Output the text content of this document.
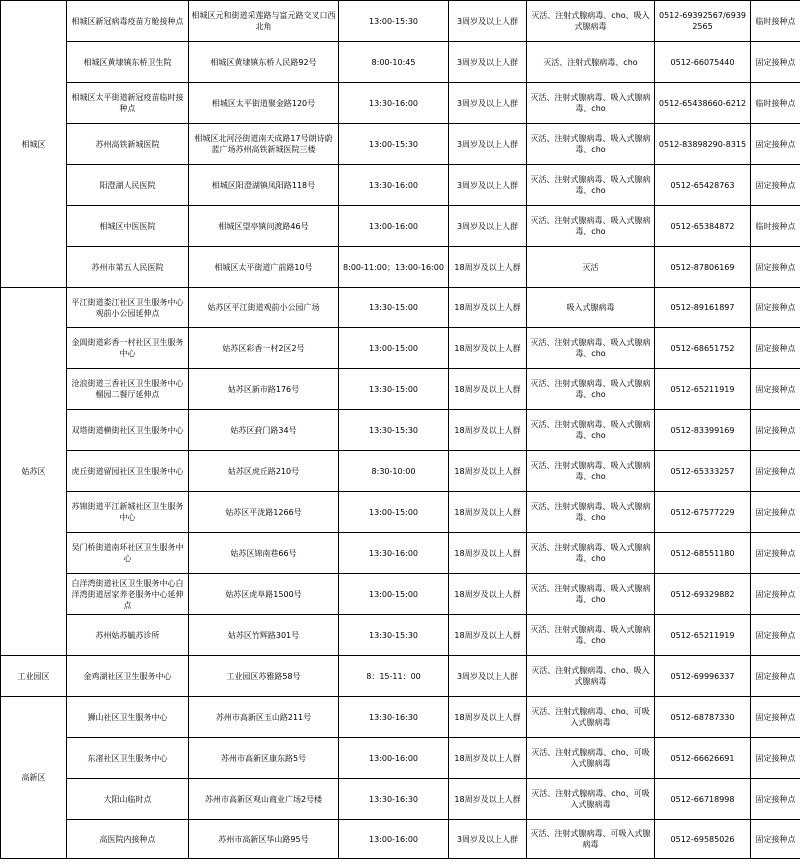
相城区	相城区新冠病毒疫苗方舱接种点	相城区元和街道采莲路与富元路交叉口西北角	13:00-15:30	3周岁及以上人群	灭活、注射式腺病毒、cho、吸入式腺病毒	0512-69392567/69392565	临时接种点
	相城区黄埭镇东桥卫生院	相城区黄埭镇东桥人民路92号	8:00-10:45	3周岁及以上人群	灭活、注射式腺病毒、cho	0512-66075440	固定接种点
	相城区太平街道新冠疫苗临时接种点	相城区太平街道聚金路120号	13:30-16:00	3周岁及以上人群	灭活、注射式腺病毒、吸入式腺病毒、cho	0512-65438660-6212	临时接种点
	苏州高铁新城医院	相城区北河泾街道南天成路17号朗诗蔚蓝广场苏州高铁新城医院三楼	13:00-15:30	3周岁及以上人群	灭活、注射式腺病毒、吸入式腺病毒、cho	0512-83898290-8315	固定接种点
	阳澄湖人民医院	相城区阳澄湖镇凤阳路118号	13:30-16:00	3周岁及以上人群	灭活、注射式腺病毒、吸入式腺病毒、cho	0512-65428763	固定接种点
	相城区中医医院	相城区望亭镇问渡路46号	13:00-16:00	3周岁及以上人群	灭活、注射式腺病毒、吸入式腺病毒、cho	0512-65384872	临时接种点
	苏州市第五人民医院	相城区太平街道广前路10号	8:00-11:00；13:00-16:00	18周岁及以上人群	灭活	0512-87806169	固定接种点
姑苏区	平江街道娄江社区卫生服务中心观前小公园延伸点	姑苏区平江街道观前小公园广场	13:30-15:00	18周岁及以上人群	吸入式腺病毒	0512-89161897	固定接种点
	金阊街道彩香一村社区卫生服务中心	姑苏区彩香一村2区2号	13:00-15:00	18周岁及以上人群	灭活、注射式腺病毒、吸入式腺病毒、cho	0512-68651752	固定接种点
	沧浪街道三香社区卫生服务中心榴园二餐厅延伸点	姑苏区新市路176号	13:30-15:00	18周岁及以上人群	灭活、注射式腺病毒、吸入式腺病毒、cho	0512-65211919	固定接种点
	双塔街道横街社区卫生服务中心	姑苏区葑门路34号	13:30-15:30	18周岁及以上人群	灭活、注射式腺病毒、吸入式腺病毒、cho	0512-83399169	固定接种点
	虎丘街道留园社区卫生服务中心	姑苏区虎丘路210号	8:30-10:00	18周岁及以上人群	灭活、注射式腺病毒、吸入式腺病毒、cho	0512-65333257	固定接种点
	苏锦街道平江新城社区卫生服务中心	姑苏区平泷路1266号	13:00-15:00	18周岁及以上人群	灭活、注射式腺病毒、吸入式腺病毒、cho	0512-67577229	固定接种点
	吴门桥街道南环社区卫生服务中心	姑苏区锦南巷66号	13:30-16:00	18周岁及以上人群	灭活、注射式腺病毒、吸入式腺病毒、cho	0512-68551180	固定接种点
	白洋湾街道社区卫生服务中心白洋湾街道居家养老服务中心延伸点	姑苏区虎阜路1500号	13:00-15:00	18周岁及以上人群	灭活、注射式腺病毒、吸入式腺病毒、cho	0512-69329882	固定接种点
	苏州姑苏毓苏诊所	姑苏区竹辉路301号	13:30-15:30	18周岁及以上人群	灭活、注射式腺病毒、吸入式腺病毒、cho	0512-65211919	固定接种点
工业园区	金鸡湖社区卫生服务中心	工业园区苏雅路58号	8：15-11：00	3周岁及以上人群	灭活、注射式腺病毒、cho、吸入式腺病毒	0512-69996337	固定接种点
高新区	狮山社区卫生服务中心	苏州市高新区玉山路211号	13:30-16:30	18周岁及以上人群	灭活、注射式腺病毒、cho、可吸入式腺病毒	0512-68787330	固定接种点
	东渚社区卫生服务中心	苏州市高新区康东路5号	13:00-16:00	18周岁及以上人群	灭活、注射式腺病毒、cho、可吸入式腺病毒	0512-66626691	固定接种点
	大阳山临时点	苏州市高新区观山商业广场2号楼	13:30-16:30	18周岁及以上人群	灭活、注射式腺病毒、cho、可吸入式腺病毒	0512-66718998	固定接种点
	高医院内接种点	苏州市高新区华山路95号	13:00-16:00	3周岁及以上人群	灭活、注射式腺病毒、可吸入式腺病毒	0512-69585026	固定接种点
